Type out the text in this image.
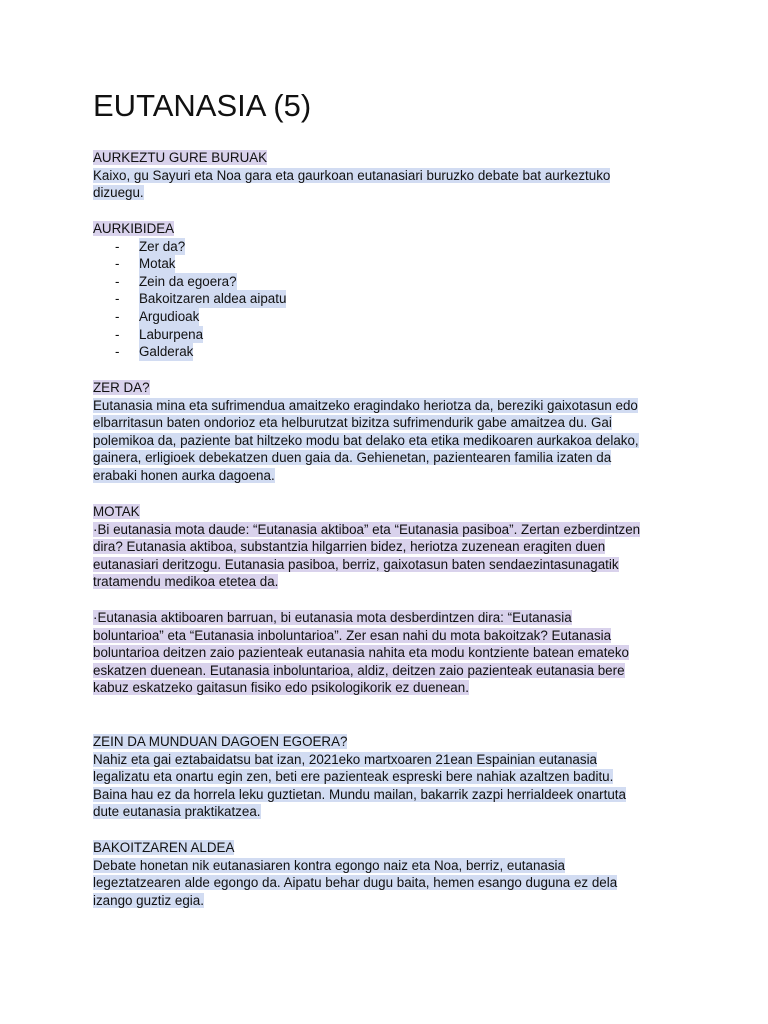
EUTANASIA (5)
AURKEZTU GURE BURUAK
Kaixo, gu Sayuri eta Noa gara eta gaurkoan eutanasiari buruzko debate bat aurkeztuko
dizuegu.
AURKIBIDEA
- Zer da?
- Motak
- Zein da egoera?
- Bakoitzaren aldea aipatu
- Argudioak
- Laburpena
- Galderak
ZER DA?
Eutanasia mina eta sufrimendua amaitzeko eragindako heriotza da, bereziki gaixotasun edo
elbarritasun baten ondorioz eta helburutzat bizitza sufrimendurik gabe amaitzea du. Gai
polemikoa da, paziente bat hiltzeko modu bat delako eta etika medikoaren aurkakoa delako,
gainera, erligioek debekatzen duen gaia da. Gehienetan, pazientearen familia izaten da
erabaki honen aurka dagoena.
MOTAK
·Bi eutanasia mota daude: “Eutanasia aktiboa” eta “Eutanasia pasiboa”. Zertan ezberdintzen
dira? Eutanasia aktiboa, substantzia hilgarrien bidez, heriotza zuzenean eragiten duen
eutanasiari deritzogu. Eutanasia pasiboa, berriz, gaixotasun baten sendaezintasunagatik
tratamendu medikoa etetea da.
·Eutanasia aktiboaren barruan, bi eutanasia mota desberdintzen dira: “Eutanasia
boluntarioa” eta “Eutanasia inboluntarioa”. Zer esan nahi du mota bakoitzak? Eutanasia
boluntarioa deitzen zaio pazienteak eutanasia nahita eta modu kontziente batean emateko
eskatzen duenean. Eutanasia inboluntarioa, aldiz, deitzen zaio pazienteak eutanasia bere
kabuz eskatzeko gaitasun fisiko edo psikologikorik ez duenean.
ZEIN DA MUNDUAN DAGOEN EGOERA?
Nahiz eta gai eztabaidatsu bat izan, 2021eko martxoaren 21ean Espainian eutanasia
legalizatu eta onartu egin zen, beti ere pazienteak espreski bere nahiak azaltzen baditu.
Baina hau ez da horrela leku guztietan. Mundu mailan, bakarrik zazpi herrialdeek onartuta
dute eutanasia praktikatzea.
BAKOITZAREN ALDEA
Debate honetan nik eutanasiaren kontra egongo naiz eta Noa, berriz, eutanasia
legeztatzearen alde egongo da. Aipatu behar dugu baita, hemen esango duguna ez dela
izango guztiz egia.
